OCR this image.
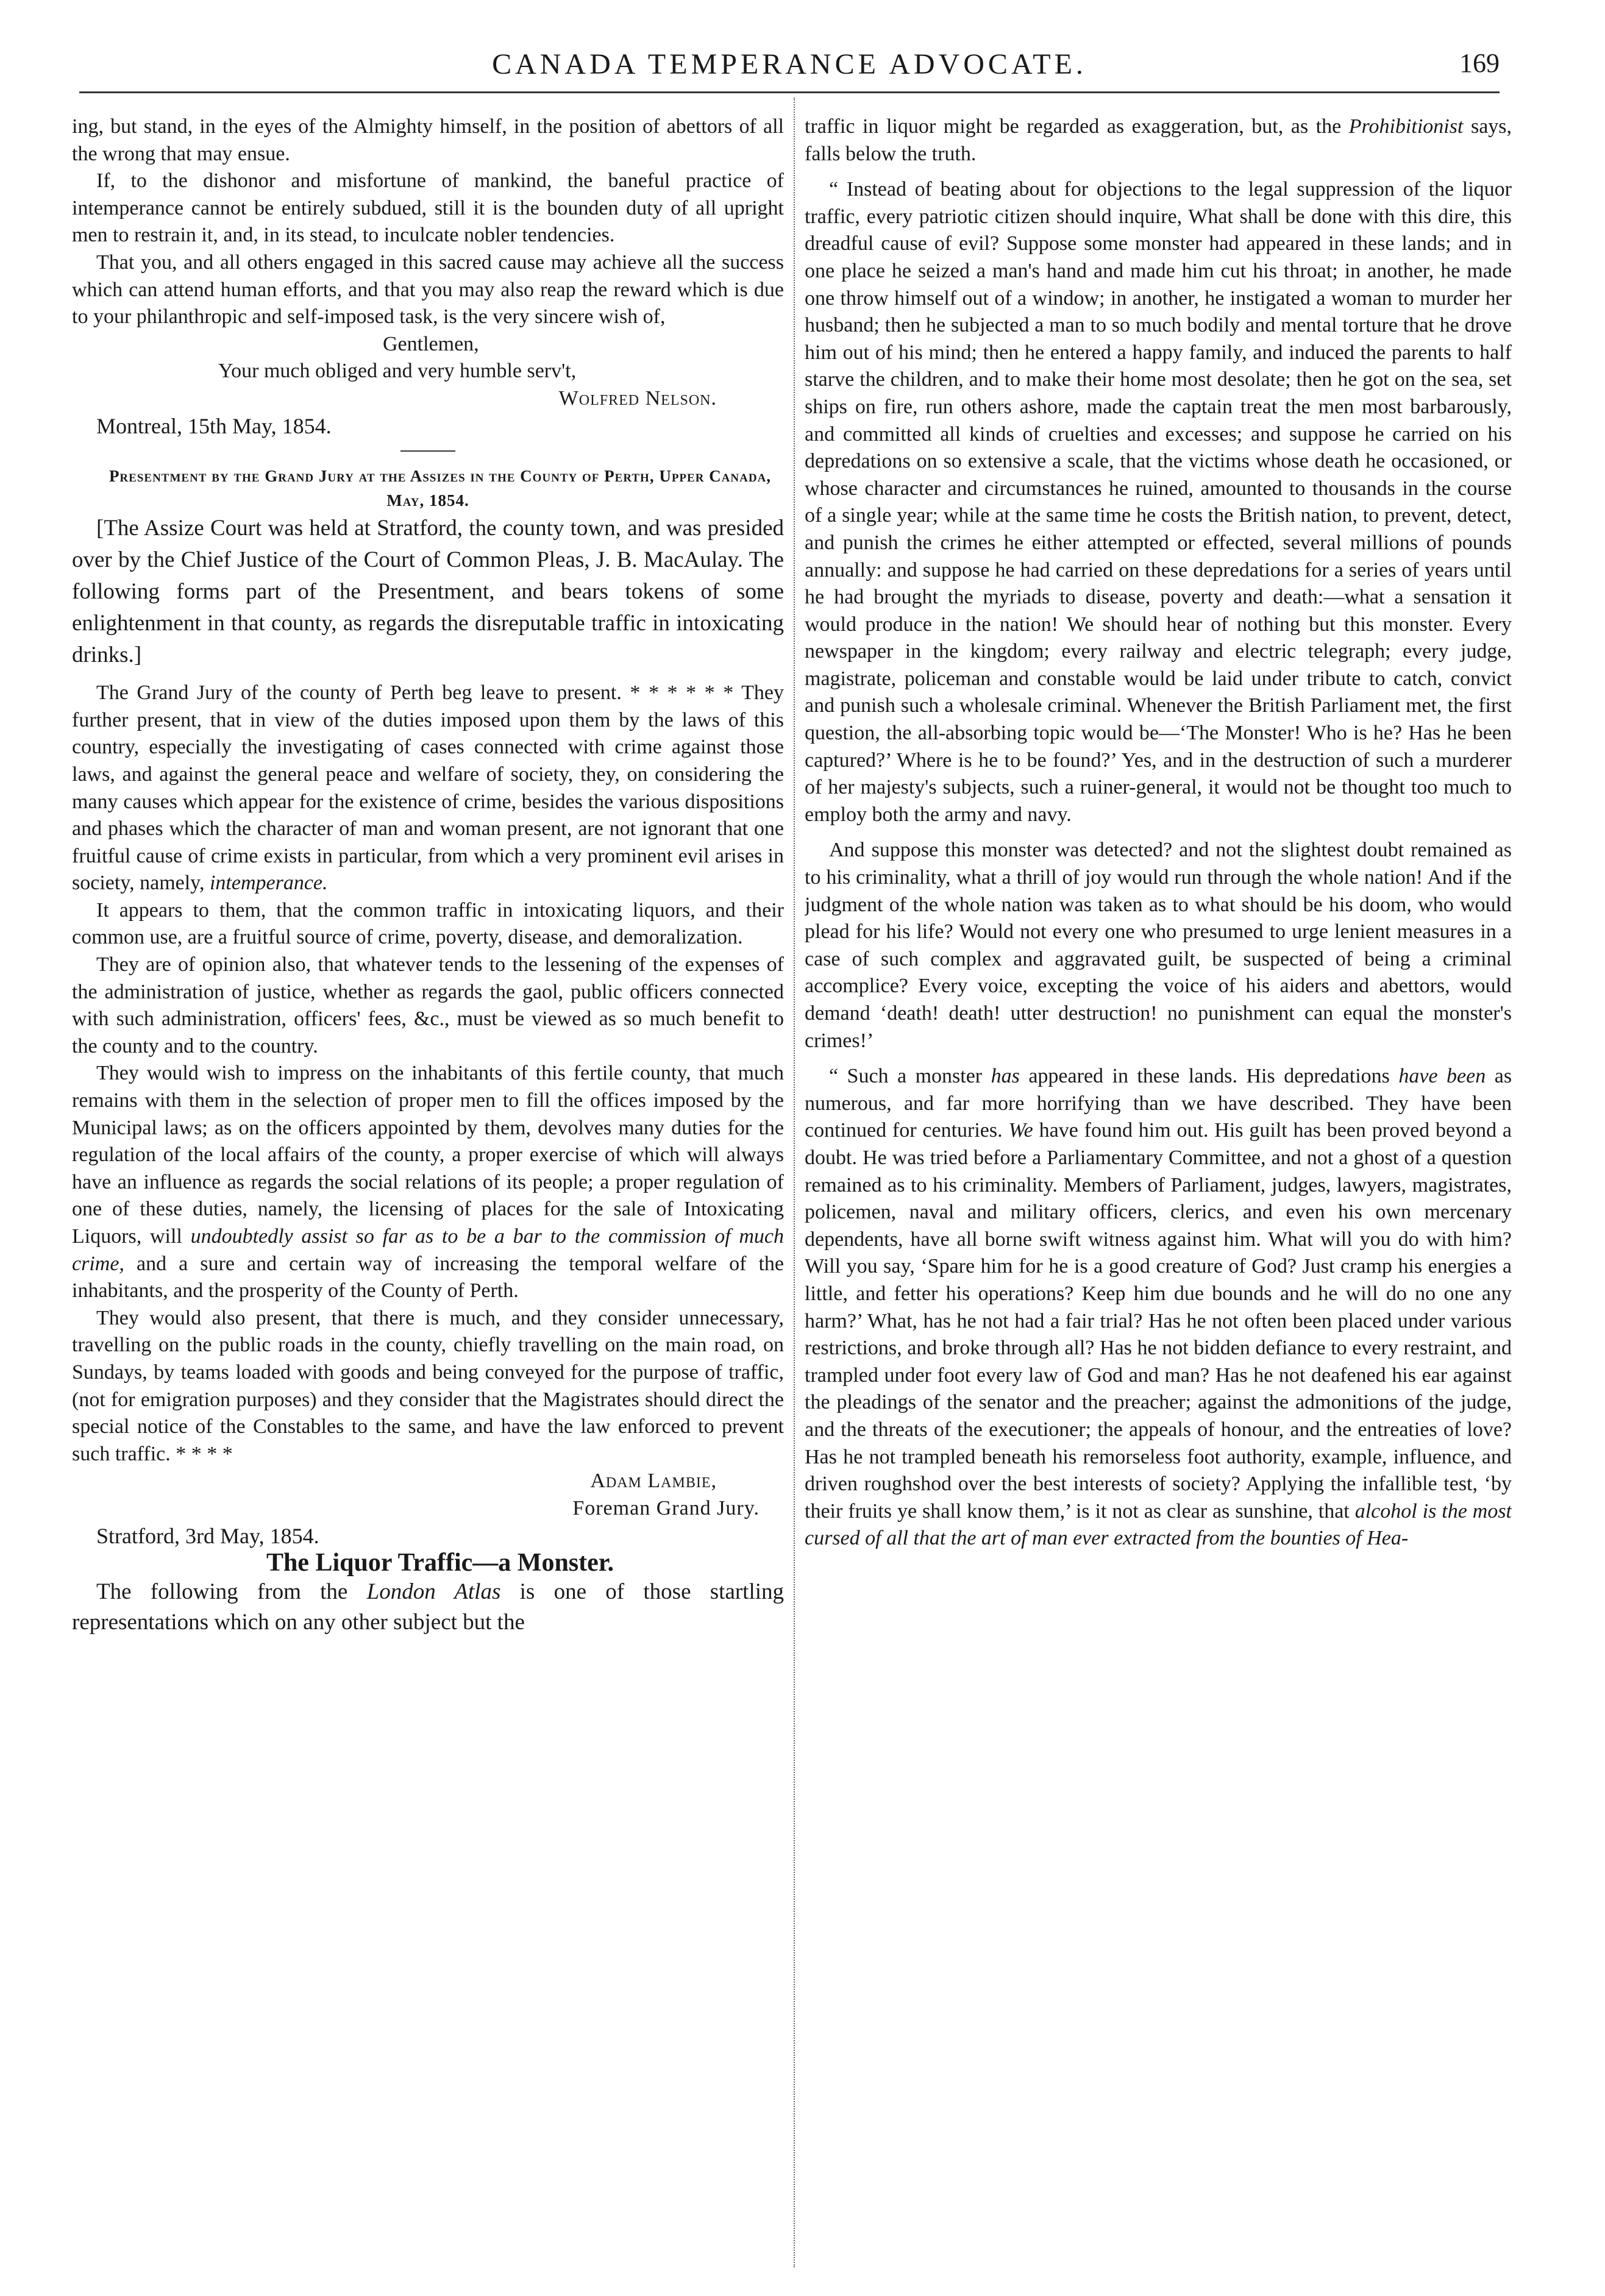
CANADA TEMPERANCE ADVOCATE.	169

ing, but stand, in the eyes of the Almighty himself, in the position of abettors of all the wrong that may ensue.

If, to the dishonor and misfortune of mankind, the baneful practice of intemperance cannot be entirely subdued, still it is the bounden duty of all upright men to restrain it, and, in its stead, to inculcate nobler tendencies.

That you, and all others engaged in this sacred cause may achieve all the success which can attend human efforts, and that you may also reap the reward which is due to your philanthropic and self-imposed task, is the very sincere wish of,

Gentlemen,

Your much obliged and very humble serv't,

Wolfred Nelson.

Montreal, 15th May, 1854.

Presentment by the Grand Jury at the Assizes in the County of Perth, Upper Canada, May, 1854.

[The Assize Court was held at Stratford, the county town, and was presided over by the Chief Justice of the Court of Common Pleas, J. B. MacAulay. The following forms part of the Presentment, and bears tokens of some enlightenment in that county, as regards the disreputable traffic in intoxicating drinks.]

The Grand Jury of the county of Perth beg leave to present. * * * * * * They further present, that in view of the duties imposed upon them by the laws of this country, especially the investigating of cases connected with crime against those laws, and against the general peace and welfare of society, they, on considering the many causes which appear for the existence of crime, besides the various dispositions and phases which the character of man and woman present, are not ignorant that one fruitful cause of crime exists in particular, from which a very prominent evil arises in society, namely, intemperance.

It appears to them, that the common traffic in intoxicating liquors, and their common use, are a fruitful source of crime, poverty, disease, and demoralization.

They are of opinion also, that whatever tends to the lessening of the expenses of the administration of justice, whether as regards the gaol, public officers connected with such administration, officers' fees, &c., must be viewed as so much benefit to the county and to the country.

They would wish to impress on the inhabitants of this fertile county, that much remains with them in the selection of proper men to fill the offices imposed by the Municipal laws; as on the officers appointed by them, devolves many duties for the regulation of the local affairs of the county, a proper exercise of which will always have an influence as regards the social relations of its people; a proper regulation of one of these duties, namely, the licensing of places for the sale of Intoxicating Liquors, will undoubtedly assist so far as to be a bar to the commission of much crime, and a sure and certain way of increasing the temporal welfare of the inhabitants, and the prosperity of the County of Perth.

They would also present, that there is much, and they consider unnecessary, travelling on the public roads in the county, chiefly travelling on the main road, on Sundays, by teams loaded with goods and being conveyed for the purpose of traffic, (not for emigration purposes) and they consider that the Magistrates should direct the special notice of the Constables to the same, and have the law enforced to prevent such traffic. * * * *

Adam Lambie,

Foreman Grand Jury.

Stratford, 3rd May, 1854.

The Liquor Traffic—a Monster.

The following from the London Atlas is one of those startling representations which on any other subject but the

traffic in liquor might be regarded as exaggeration, but, as the Prohibitionist says, falls below the truth.

“ Instead of beating about for objections to the legal suppression of the liquor traffic, every patriotic citizen should inquire, What shall be done with this dire, this dreadful cause of evil? Suppose some monster had appeared in these lands; and in one place he seized a man's hand and made him cut his throat; in another, he made one throw himself out of a window; in another, he instigated a woman to murder her husband; then he subjected a man to so much bodily and mental torture that he drove him out of his mind; then he entered a happy family, and induced the parents to half starve the children, and to make their home most desolate; then he got on the sea, set ships on fire, run others ashore, made the captain treat the men most barbarously, and committed all kinds of cruelties and excesses; and suppose he carried on his depredations on so extensive a scale, that the victims whose death he occasioned, or whose character and circumstances he ruined, amounted to thousands in the course of a single year; while at the same time he costs the British nation, to prevent, detect, and punish the crimes he either attempted or effected, several millions of pounds annually: and suppose he had carried on these depredations for a series of years until he had brought the myriads to disease, poverty and death:—what a sensation it would produce in the nation! We should hear of nothing but this monster. Every newspaper in the kingdom; every railway and electric telegraph; every judge, magistrate, policeman and constable would be laid under tribute to catch, convict and punish such a wholesale criminal. Whenever the British Parliament met, the first question, the all-absorbing topic would be—‘The Monster! Who is he? Has he been captured?’ Where is he to be found?’ Yes, and in the destruction of such a murderer of her majesty's subjects, such a ruiner-general, it would not be thought too much to employ both the army and navy.

And suppose this monster was detected? and not the slightest doubt remained as to his criminality, what a thrill of joy would run through the whole nation! And if the judgment of the whole nation was taken as to what should be his doom, who would plead for his life? Would not every one who presumed to urge lenient measures in a case of such complex and aggravated guilt, be suspected of being a criminal accomplice? Every voice, excepting the voice of his aiders and abettors, would demand ‘death! death! utter destruction! no punishment can equal the monster's crimes!’

“ Such a monster has appeared in these lands. His depredations have been as numerous, and far more horrifying than we have described. They have been continued for centuries. We have found him out. His guilt has been proved beyond a doubt. He was tried before a Parliamentary Committee, and not a ghost of a question remained as to his criminality. Members of Parliament, judges, lawyers, magistrates, policemen, naval and military officers, clerics, and even his own mercenary dependents, have all borne swift witness against him. What will you do with him? Will you say, ‘Spare him for he is a good creature of God? Just cramp his energies a little, and fetter his operations? Keep him due bounds and he will do no one any harm?’ What, has he not had a fair trial? Has he not often been placed under various restrictions, and broke through all? Has he not bidden defiance to every restraint, and trampled under foot every law of God and man? Has he not deafened his ear against the pleadings of the senator and the preacher; against the admonitions of the judge, and the threats of the executioner; the appeals of honour, and the entreaties of love? Has he not trampled beneath his remorseless foot authority, example, influence, and driven roughshod over the best interests of society? Applying the infallible test, ‘by their fruits ye shall know them,’ is it not as clear as sunshine, that alcohol is the most cursed of all that the art of man ever extracted from the bounties of Hea-
